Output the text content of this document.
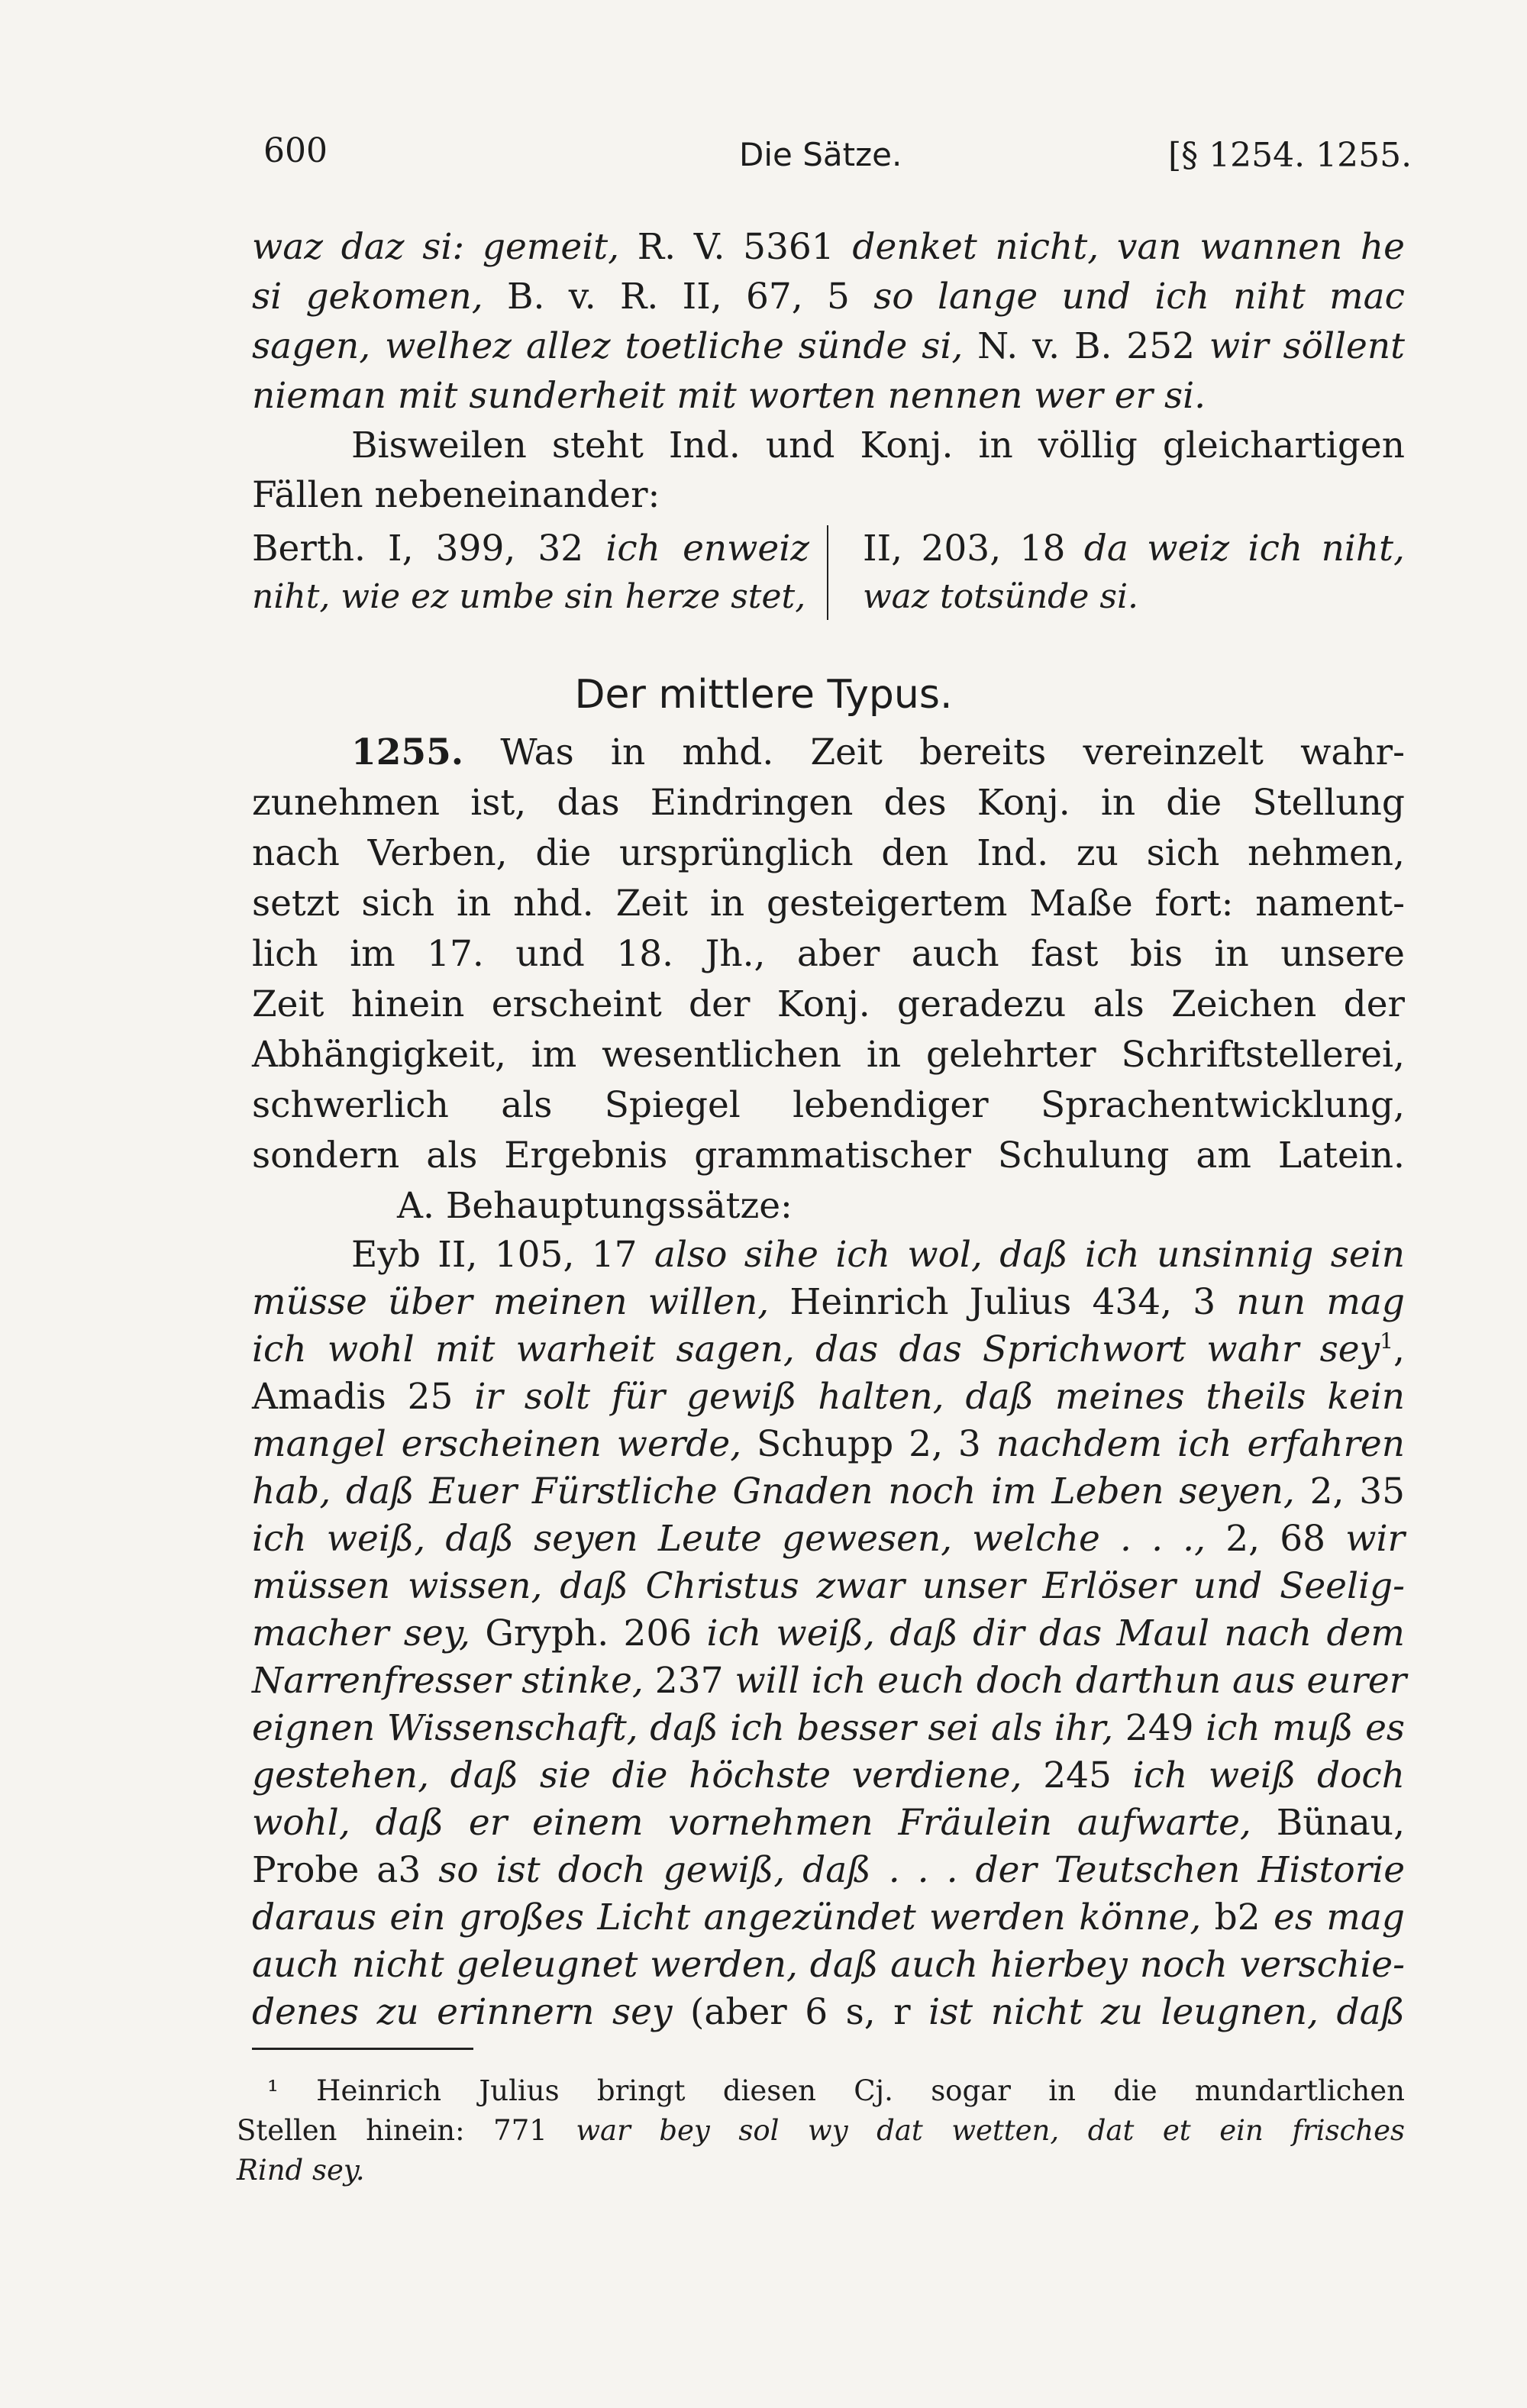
600	Die Sätze.	[§ 1254. 1255.
waz daz si: gemeit, R. V. 5361 denket nicht, van wannen he
si gekomen, B. v. R. II, 67, 5 so lange und ich niht mac
sagen, welhez allez toetliche sünde si, N. v. B. 252 wir söllent
nieman mit sunderheit mit worten nennen wer er si.
Bisweilen steht Ind. und Konj. in völlig gleichartigen
Fällen nebeneinander:
Berth. I, 399, 32 ich enweiz
niht, wie ez umbe sin herze stet,
II, 203, 18 da weiz ich niht,
waz totsünde si.
Der mittlere Typus.
1255. Was in mhd. Zeit bereits vereinzelt wahr-
zunehmen ist, das Eindringen des Konj. in die Stellung
nach Verben, die ursprünglich den Ind. zu sich nehmen,
setzt sich in nhd. Zeit in gesteigertem Maße fort: nament-
lich im 17. und 18. Jh., aber auch fast bis in unsere
Zeit hinein erscheint der Konj. geradezu als Zeichen der
Abhängigkeit, im wesentlichen in gelehrter Schriftstellerei,
schwerlich als Spiegel lebendiger Sprachentwicklung,
sondern als Ergebnis grammatischer Schulung am Latein.
A. Behauptungssätze:
Eyb II, 105, 17 also sihe ich wol, daß ich unsinnig sein
müsse über meinen willen, Heinrich Julius 434, 3 nun mag
ich wohl mit warheit sagen, das das Sprichwort wahr sey$^1$,
Amadis 25 ir solt für gewiß halten, daß meines theils kein
mangel erscheinen werde, Schupp 2, 3 nachdem ich erfahren
hab, daß Euer Fürstliche Gnaden noch im Leben seyen, 2, 35
ich weiß, daß seyen Leute gewesen, welche . . ., 2, 68 wir
müssen wissen, daß Christus zwar unser Erlöser und Seelig-
macher sey, Gryph. 206 ich weiß, daß dir das Maul nach dem
Narrenfresser stinke, 237 will ich euch doch darthun aus eurer
eignen Wissenschaft, daß ich besser sei als ihr, 249 ich muß es
gestehen, daß sie die höchste verdiene, 245 ich weiß doch
wohl, daß er einem vornehmen Fräulein aufwarte, Bünau,
Probe a3 so ist doch gewiß, daß . . . der Teutschen Historie
daraus ein großes Licht angezündet werden könne, b2 es mag
auch nicht geleugnet werden, daß auch hierbey noch verschie-
denes zu erinnern sey (aber 6 s, r ist nicht zu leugnen, daß
¹ Heinrich Julius bringt diesen Cj. sogar in die mundartlichen
Stellen hinein: 771 war bey sol wy dat wetten, dat et ein frisches
Rind sey.
